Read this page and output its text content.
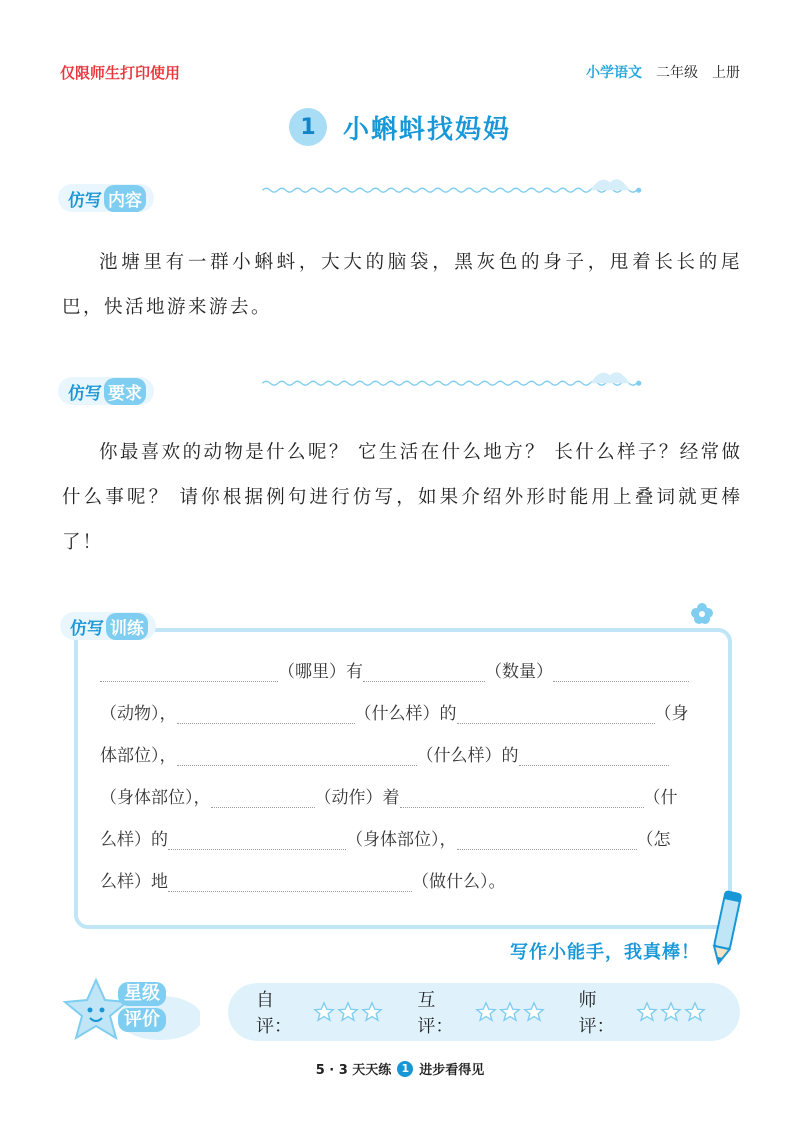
仅限师生打印使用	小学语文 二年级 上册
1	小蝌蚪找妈妈
仿写 内容
池塘里有一群小蝌蚪，大大的脑袋，黑灰色的身子，甩着长长的尾巴，快活地游来游去。
仿写 要求
你最喜欢的动物是什么呢？ 它生活在什么地方？ 长什么样子？经常做什么事呢？ 请你根据例句进行仿写，如果介绍外形时能用上叠词就更棒了！
仿写 训练
（哪里）有	（数量）
（动物），	（什么样）的	（身
体部位），	（什么样）的
（身体部位），	（动作）着	（什
么样）的	（身体部位），	（怎
么样）地	（做什么）。
写作小能手，我真棒！
星级
评价
自评：
互评：
师评：
5 · 3 天天练 1 进步看得见
